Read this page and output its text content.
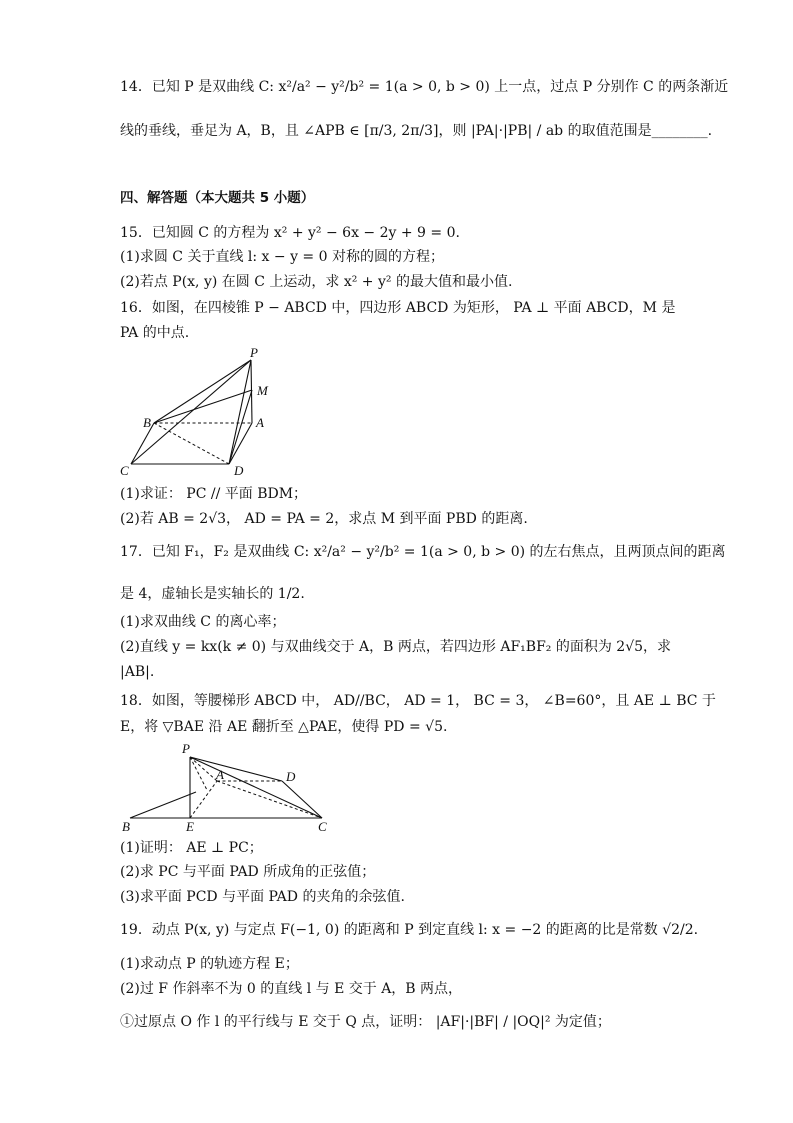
14．已知 P 是双曲线 C: x²/a² − y²/b² = 1(a > 0, b > 0) 上一点，过点 P 分别作 C 的两条渐近
线的垂线，垂足为 A，B，且 ∠APB ∈ [π/3, 2π/3]，则 |PA|·|PB| / ab 的取值范围是________.
四、解答题（本大题共 5 小题）
15．已知圆 C 的方程为 x² + y² − 6x − 2y + 9 = 0.
(1)求圆 C 关于直线 l: x − y = 0 对称的圆的方程；
(2)若点 P(x, y) 在圆 C 上运动，求 x² + y² 的最大值和最小值.
16．如图，在四棱锥 P − ABCD 中，四边形 ABCD 为矩形， PA ⊥ 平面 ABCD，M 是
PA 的中点.
P
M
A
B
C	D
(1)求证： PC // 平面 BDM；
(2)若 AB = 2√3， AD = PA = 2，求点 M 到平面 PBD 的距离.
17．已知 F₁，F₂ 是双曲线 C: x²/a² − y²/b² = 1(a > 0, b > 0) 的左右焦点，且两顶点间的距离
是 4，虚轴长是实轴长的 1/2.
(1)求双曲线 C 的离心率；
(2)直线 y = kx(k ≠ 0) 与双曲线交于 A，B 两点，若四边形 AF₁BF₂ 的面积为 2√5，求
|AB|.
18．如图，等腰梯形 ABCD 中， AD//BC， AD = 1， BC = 3， ∠B=60°，且 AE ⊥ BC 于
E，将 ▽BAE 沿 AE 翻折至 △PAE，使得 PD = √5.
P
A	D
B	E	C
(1)证明： AE ⊥ PC；
(2)求 PC 与平面 PAD 所成角的正弦值；
(3)求平面 PCD 与平面 PAD 的夹角的余弦值.
19．动点 P(x, y) 与定点 F(−1, 0) 的距离和 P 到定直线 l: x = −2 的距离的比是常数 √2/2.
(1)求动点 P 的轨迹方程 E；
(2)过 F 作斜率不为 0 的直线 l 与 E 交于 A，B 两点，
①过原点 O 作 l 的平行线与 E 交于 Q 点，证明： |AF|·|BF| / |OQ|² 为定值；
